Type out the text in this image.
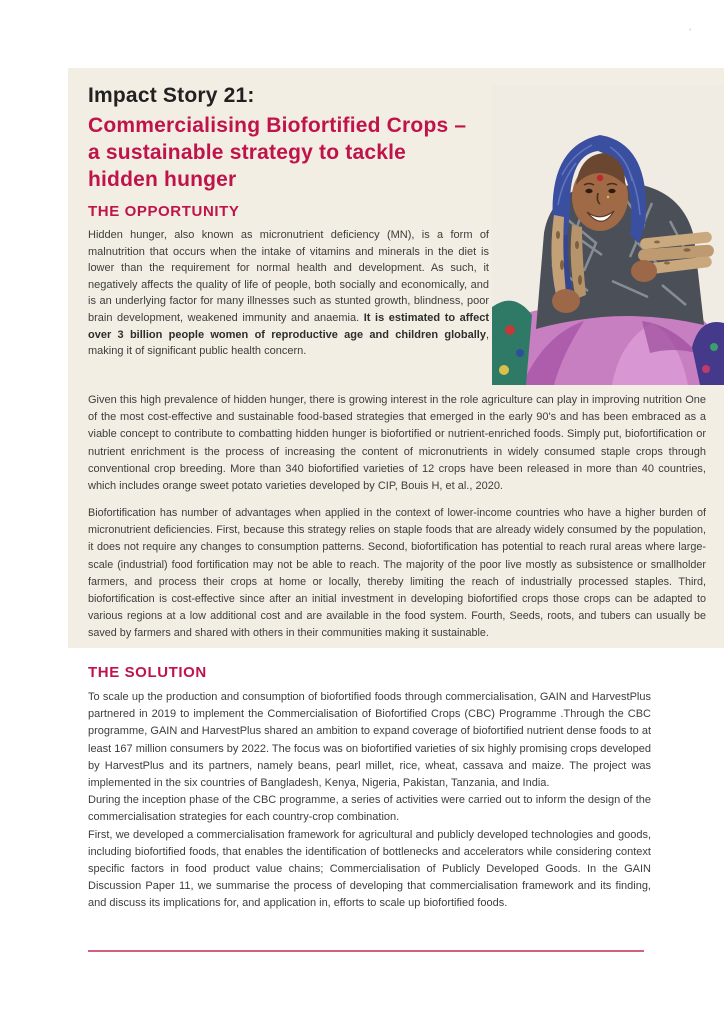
'
Impact Story 21:
Commercialising Biofortified Crops –
a sustainable strategy to tackle
hidden hunger
THE OPPORTUNITY
Hidden hunger, also known as micronutrient deficiency (MN), is a form of malnutrition that occurs when the intake of vitamins and minerals in the diet is lower than the requirement for normal health and development. As such, it negatively affects the quality of life of people, both socially and economically, and is an underlying factor for many illnesses such as stunted growth, blindness, poor brain development, weakened immunity and anaemia. It is estimated to affect over 3 billion people women of reproductive age and children globally, making it of significant public health concern.
Given this high prevalence of hidden hunger, there is growing interest in the role agriculture can play in improving nutrition One of the most cost-effective and sustainable food-based strategies that emerged in the early 90's and has been embraced as a viable concept to contribute to combatting hidden hunger is biofortified or nutrient-enriched foods. Simply put, biofortification or nutrient enrichment is the process of increasing the content of micronutrients in widely consumed staple crops through conventional crop breeding. More than 340 biofortified varieties of 12 crops have been released in more than 40 countries, which includes orange sweet potato varieties developed by CIP, Bouis H, et al., 2020.
Biofortification has number of advantages when applied in the context of lower-income countries who have a higher burden of micronutrient deficiencies. First, because this strategy relies on staple foods that are already widely consumed by the population, it does not require any changes to consumption patterns. Second, biofortification has potential to reach rural areas where large-scale (industrial) food fortification may not be able to reach. The majority of the poor live mostly as subsistence or smallholder farmers, and process their crops at home or locally, thereby limiting the reach of industrially processed staples. Third, biofortification is cost-effective since after an initial investment in developing biofortified crops those crops can be adapted to various regions at a low additional cost and are available in the food system. Fourth, Seeds, roots, and tubers can usually be saved by farmers and shared with others in their communities making it sustainable.
THE SOLUTION

To scale up the production and consumption of biofortified foods through commercialisation, GAIN and HarvestPlus partnered in 2019 to implement the Commercialisation of Biofortified Crops (CBC) Programme .Through the CBC programme, GAIN and HarvestPlus shared an ambition to expand coverage of biofortified nutrient dense foods to at least 167 million consumers by 2022. The focus was on biofortified varieties of six highly promising crops developed by HarvestPlus and its partners, namely beans, pearl millet, rice, wheat, cassava and maize. The project was implemented in the six countries of Bangladesh, Kenya, Nigeria, Pakistan, Tanzania, and India.

During the inception phase of the CBC programme, a series of activities were carried out to inform the design of the commercialisation strategies for each country-crop combination.

First, we developed a commercialisation framework for agricultural and publicly developed technologies and goods, including biofortified foods, that enables the identification of bottlenecks and accelerators while considering context specific factors in food product value chains; Commercialisation of Publicly Developed Goods. In the GAIN Discussion Paper 11, we summarise the process of developing that commercialisation framework and its finding, and discuss its implications for, and application in, efforts to scale up biofortified foods.
